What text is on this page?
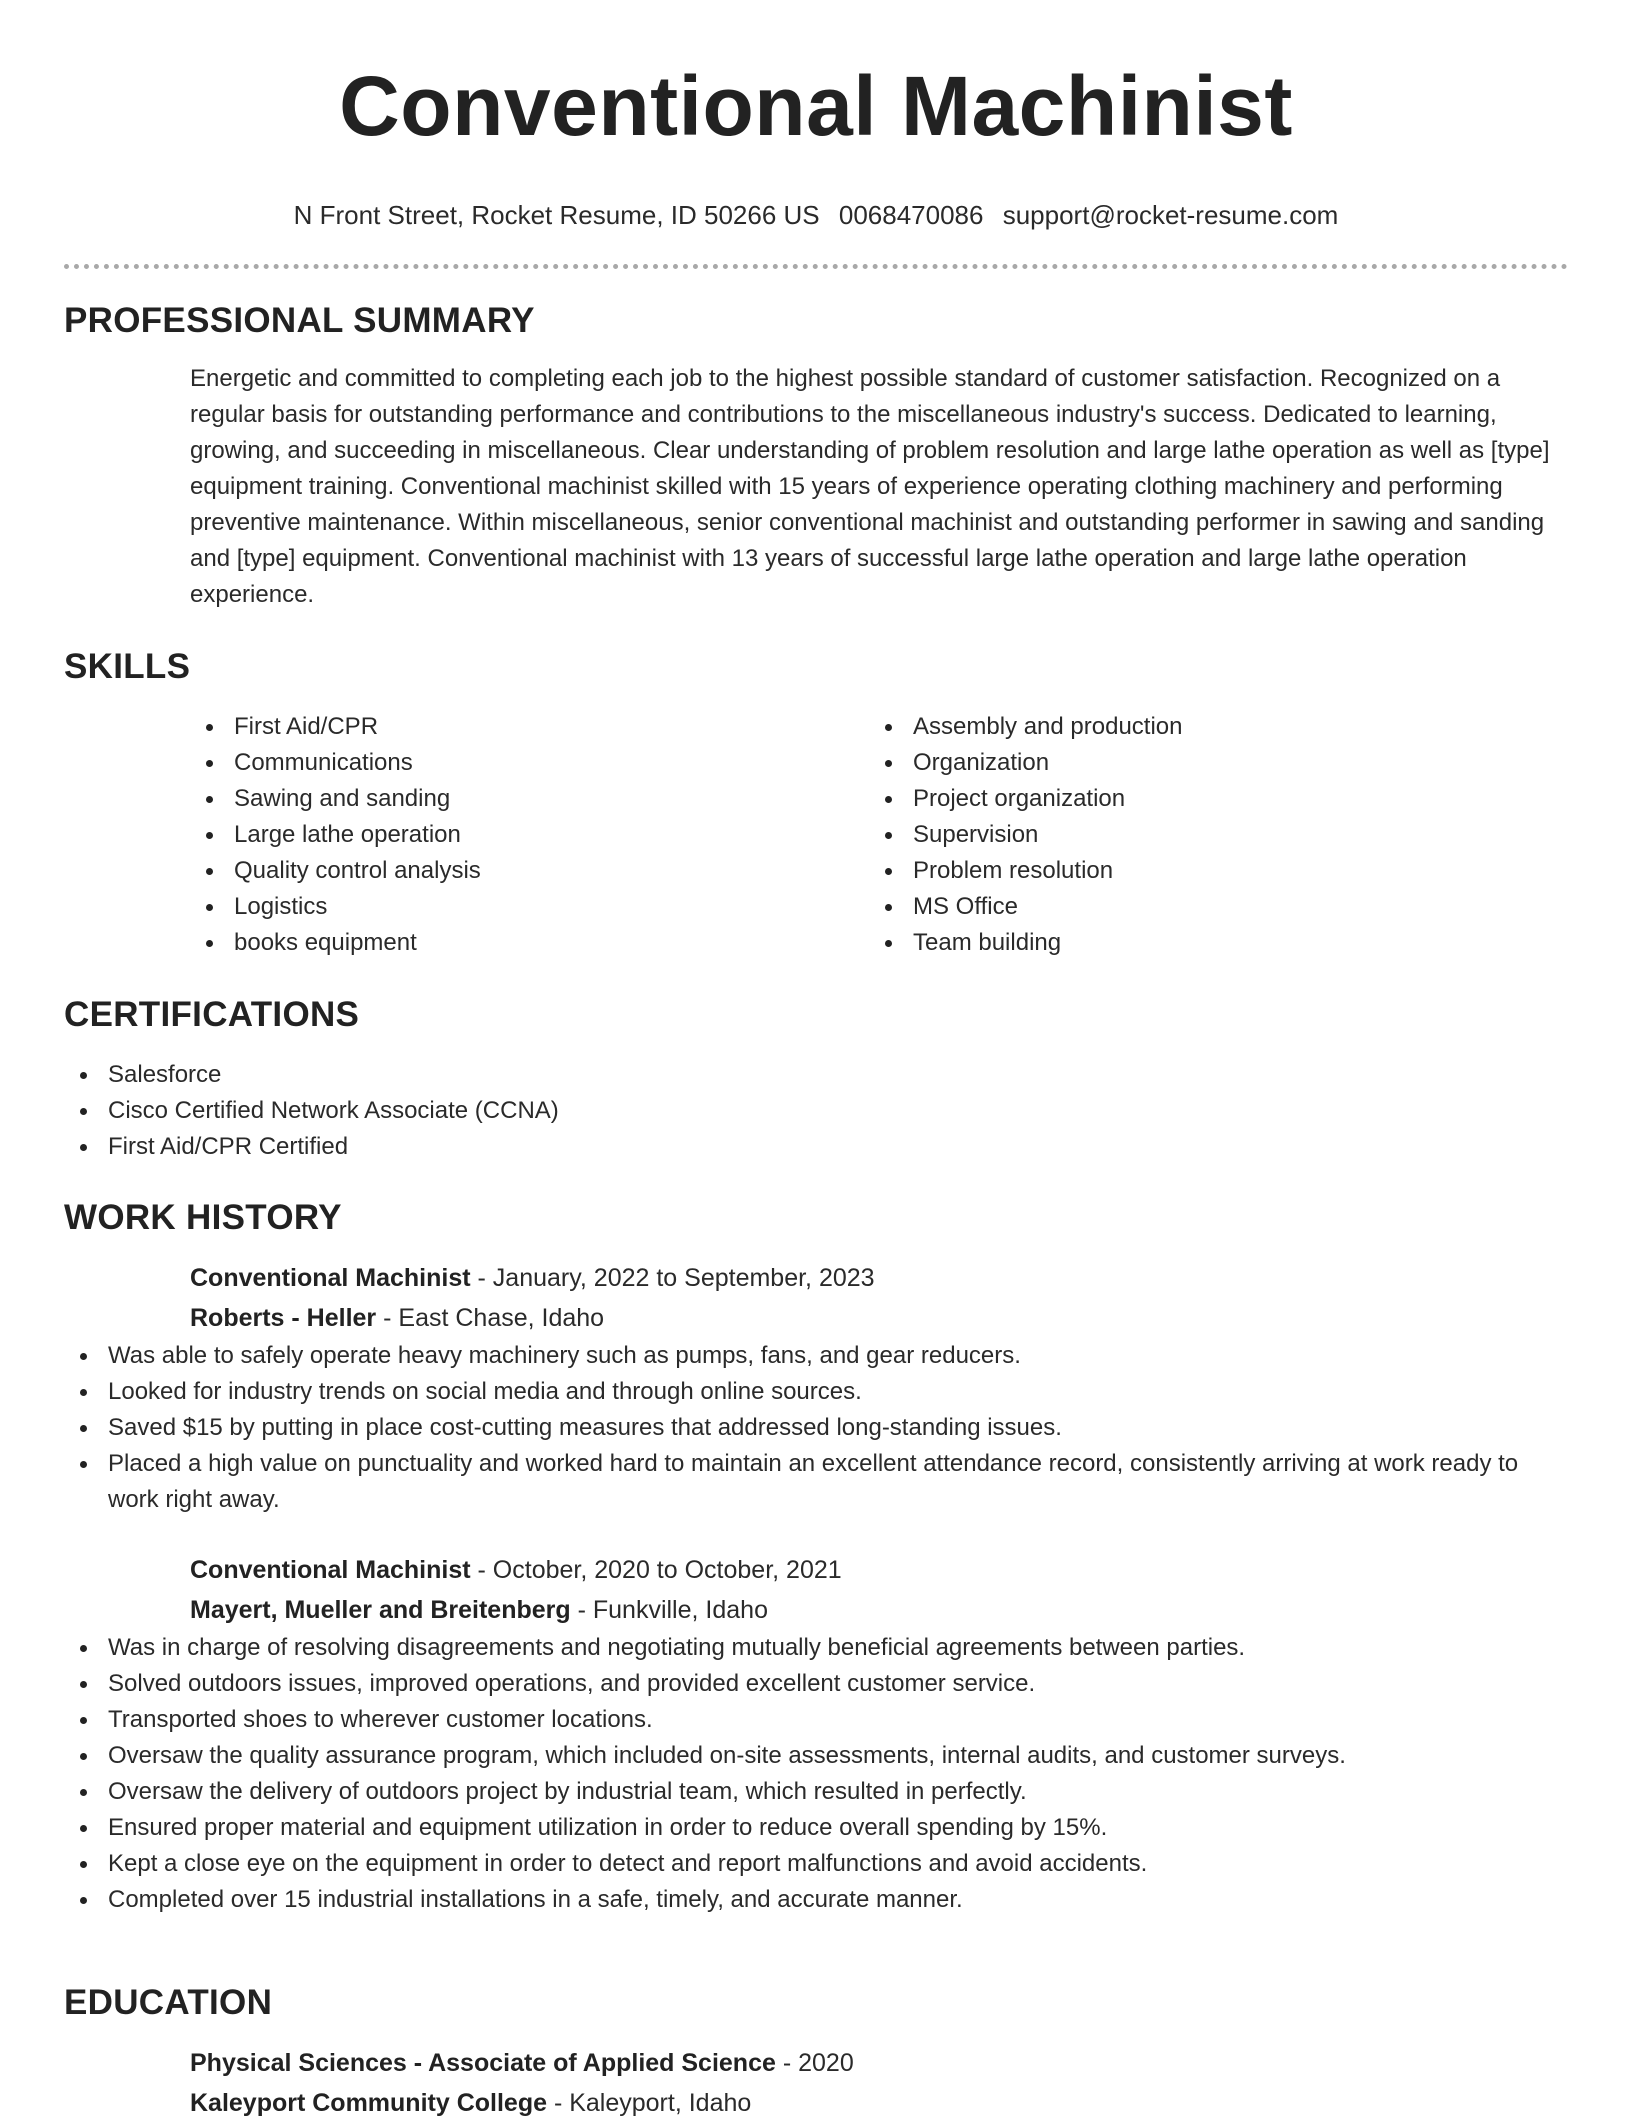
Conventional Machinist
N Front Street, Rocket Resume, ID 50266 US 0068470086 support@rocket-resume.com
PROFESSIONAL SUMMARY
Energetic and committed to completing each job to the highest possible standard of customer satisfaction. Recognized on a regular basis for outstanding performance and contributions to the miscellaneous industry's success. Dedicated to learning, growing, and succeeding in miscellaneous. Clear understanding of problem resolution and large lathe operation as well as [type] equipment training. Conventional machinist skilled with 15 years of experience operating clothing machinery and performing preventive maintenance. Within miscellaneous, senior conventional machinist and outstanding performer in sawing and sanding and [type] equipment. Conventional machinist with 13 years of successful large lathe operation and large lathe operation experience.
SKILLS
First Aid/CPR
Communications
Sawing and sanding
Large lathe operation
Quality control analysis
Logistics
books equipment
Assembly and production
Organization
Project organization
Supervision
Problem resolution
MS Office
Team building
CERTIFICATIONS
Salesforce
Cisco Certified Network Associate (CCNA)
First Aid/CPR Certified
WORK HISTORY
Conventional Machinist - January, 2022 to September, 2023
Roberts - Heller - East Chase, Idaho
Was able to safely operate heavy machinery such as pumps, fans, and gear reducers.
Looked for industry trends on social media and through online sources.
Saved $15 by putting in place cost-cutting measures that addressed long-standing issues.
Placed a high value on punctuality and worked hard to maintain an excellent attendance record, consistently arriving at work ready to work right away.
Conventional Machinist - October, 2020 to October, 2021
Mayert, Mueller and Breitenberg - Funkville, Idaho
Was in charge of resolving disagreements and negotiating mutually beneficial agreements between parties.
Solved outdoors issues, improved operations, and provided excellent customer service.
Transported shoes to wherever customer locations.
Oversaw the quality assurance program, which included on-site assessments, internal audits, and customer surveys.
Oversaw the delivery of outdoors project by industrial team, which resulted in perfectly.
Ensured proper material and equipment utilization in order to reduce overall spending by 15%.
Kept a close eye on the equipment in order to detect and report malfunctions and avoid accidents.
Completed over 15 industrial installations in a safe, timely, and accurate manner.
EDUCATION
Physical Sciences - Associate of Applied Science - 2020
Kaleyport Community College - Kaleyport, Idaho
